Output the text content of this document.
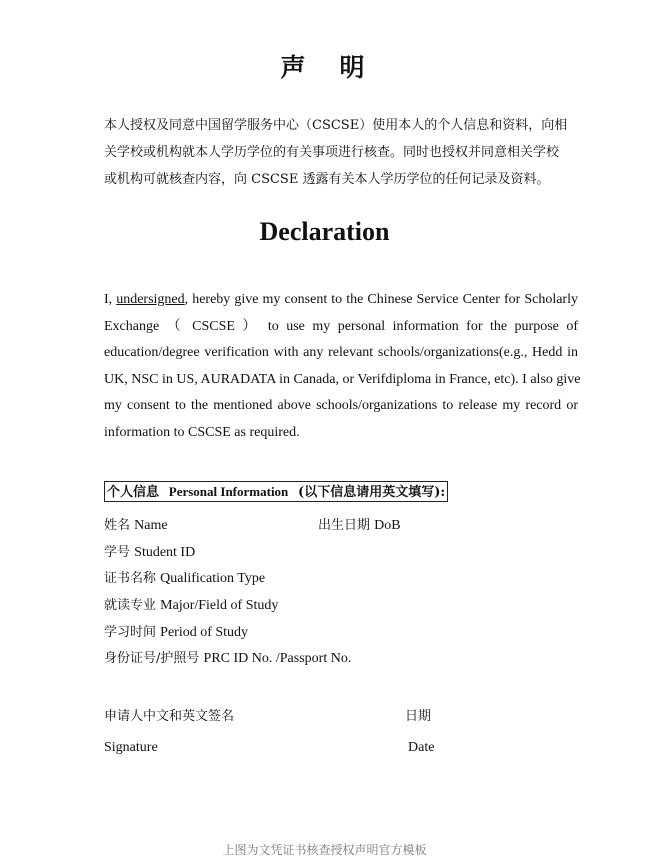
声 明
本人授权及同意中国留学服务中心（CSCSE）使用本人的个人信息和资料，向相
关学校或机构就本人学历学位的有关事项进行核查。同时也授权并同意相关学校
或机构可就核查内容，向 CSCSE 透露有关本人学历学位的任何记录及资料。
Declaration
I, undersigned, hereby give my consent to the Chinese Service Center for Scholarly
Exchange （ CSCSE ） to use my personal information for the purpose of
education/degree verification with any relevant schools/organizations(e.g., Hedd in
UK, NSC in US, AURADATA in Canada, or Verifdiploma in France, etc). I also give
my consent to the mentioned above schools/organizations to release my record or
information to CSCSE as required.
个人信息 Personal Information (以下信息请用英文填写):
姓名 Name	出生日期 DoB
学号 Student ID
证书名称 Qualification Type
就读专业 Major/Field of Study
学习时间 Period of Study
身份证号/护照号 PRC ID No. /Passport No.
申请人中文和英文签名	日期
Signature	Date
上图为文凭证书核查授权声明官方模板
